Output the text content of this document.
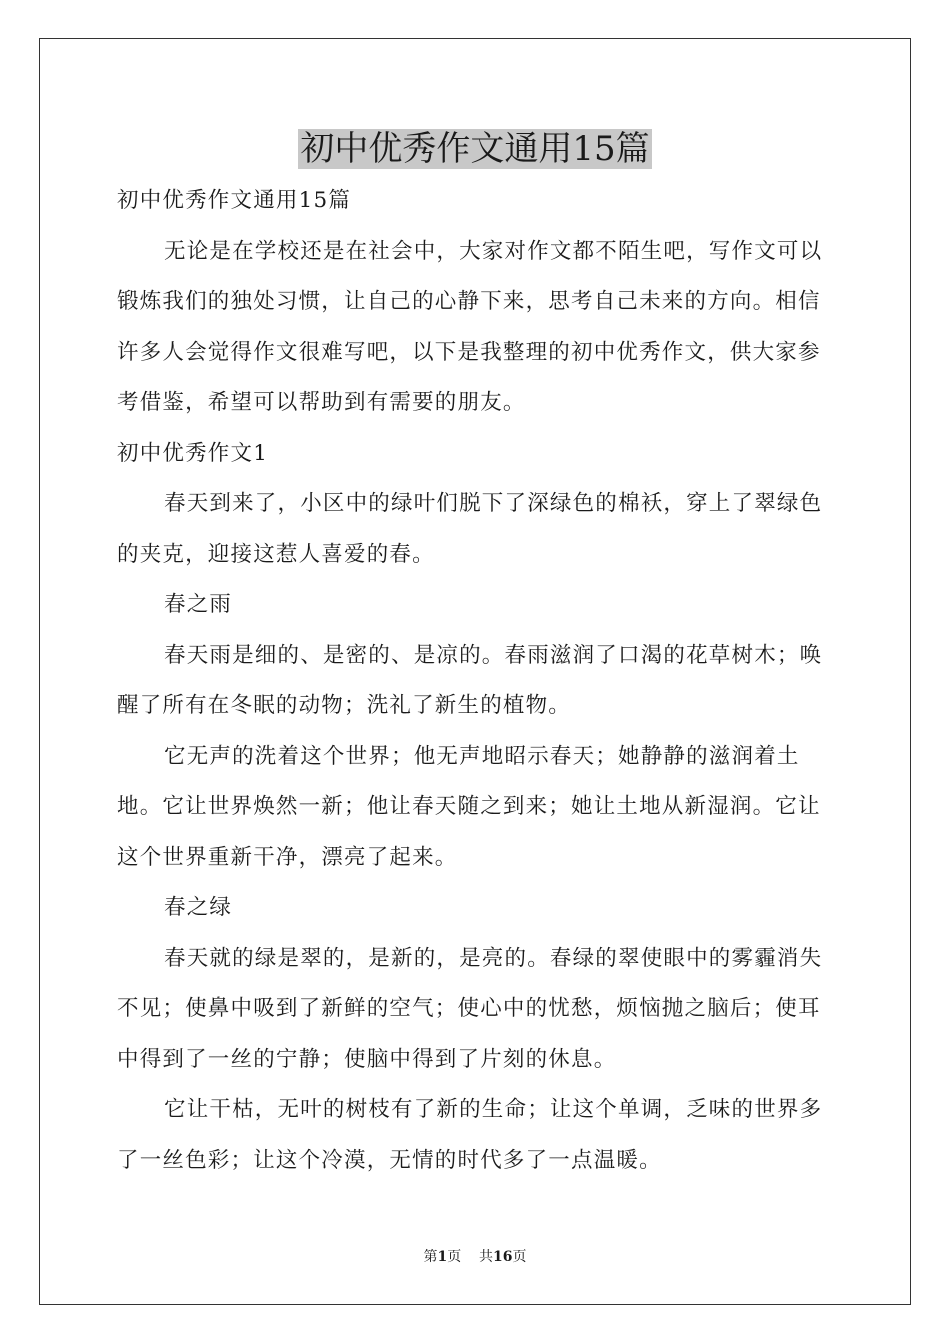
初中优秀作文通用15篇

初中优秀作文通用15篇

无论是在学校还是在社会中，大家对作文都不陌生吧，写作文可以锻炼我们的独处习惯，让自己的心静下来，思考自己未来的方向。相信许多人会觉得作文很难写吧，以下是我整理的初中优秀作文，供大家参考借鉴，希望可以帮助到有需要的朋友。

初中优秀作文1

春天到来了，小区中的绿叶们脱下了深绿色的棉袄，穿上了翠绿色的夹克，迎接这惹人喜爱的春。

春之雨

春天雨是细的、是密的、是凉的。春雨滋润了口渴的花草树木；唤醒了所有在冬眠的动物；洗礼了新生的植物。

它无声的洗着这个世界；他无声地昭示春天；她静静的滋润着土地。它让世界焕然一新；他让春天随之到来；她让土地从新湿润。它让这个世界重新干净，漂亮了起来。

春之绿

春天就的绿是翠的，是新的，是亮的。春绿的翠使眼中的雾霾消失不见；使鼻中吸到了新鲜的空气；使心中的忧愁，烦恼抛之脑后；使耳中得到了一丝的宁静；使脑中得到了片刻的休息。

它让干枯，无叶的树枝有了新的生命；让这个单调，乏味的世界多了一丝色彩；让这个冷漠，无情的时代多了一点温暖。

第1页    共16页
